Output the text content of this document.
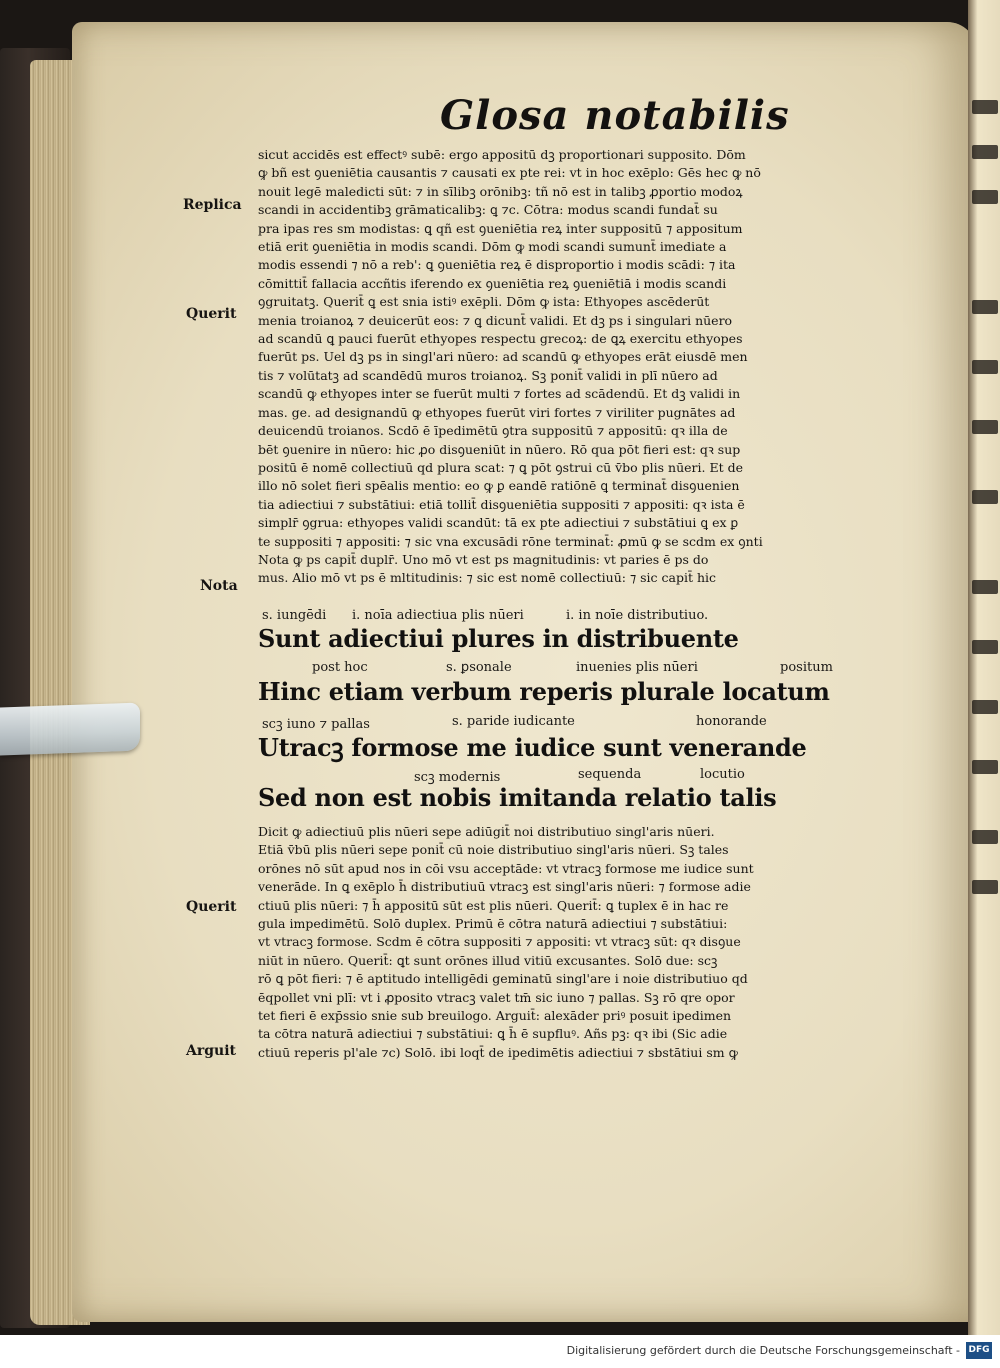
Glosa notabilis
Replica
Querit
Nota
Querit
Arguit
sicut accidēs est effectꝰ subē: ergo appositū dꝫ proportionari supposito. Dōm
ꝙ bñ est ꝯueniētia causantis ⁊ causati ex pte rei: vt in hoc exēplo: Gēs hec ꝙ nō
nouit legē maledicti sūt: ⁊ in sīlibꝫ orōnibꝫ: tñ nō est in talibꝫ ꝓportio modoꝝ
scandi in accidentibꝫ grāmaticalibꝫ: ꝗ ⁊c. Cōtra: modus scandi fundat̄ su
pra ipas res sm modistas: ꝗ qñ est ꝯueniētia reꝝ inter suppositū ⁊ appositum
etiā erit ꝯueniētia in modis scandi. Dōm ꝙ modi scandi sumunt̄ imediate a
modis essendi ⁊ nō a reb': ꝗ ꝯueniētia reꝝ ē disproportio i modis scādi: ⁊ ita
cōmittit̄ fallacia accñtis iferendo ex ꝯueniētia reꝝ ꝯueniētiā i modis scandi
ꝯgruitatꝫ. Querit̄ ꝗ est snia istiꝰ exēpli. Dōm ꝙ ista: Ethyopes ascēderūt
menia troianoꝝ ⁊ deuicerūt eos: ⁊ ꝗ dicunt̄ validi. Et dꝫ ps i singulari nūero
ad scandū ꝗ pauci fuerūt ethyopes respectu grecoꝝ: de ꝗꝝ exercitu ethyopes
fuerūt ps. Uel dꝫ ps in singl'ari nūero: ad scandū ꝙ ethyopes erāt eiusdē men
tis ⁊ volūtatꝫ ad scandēdū muros troianoꝝ. Sꝫ ponit̄ validi in plī nūero ad
scandū ꝙ ethyopes inter se fuerūt multi ⁊ fortes ad scādendū. Et dꝫ validi in
mas. ge. ad designandū ꝙ ethyopes fuerūt viri fortes ⁊ viriliter pugnātes ad
deuicendū troianos. Scdō ē īpedimētū ꝯtra suppositū ⁊ appositū: qꝛ illa de
bēt ꝯuenire in nūero: hic ꝓo disꝯueniūt in nūero. Rō qua pōt fieri est: qꝛ sup
positū ē nomē collectiuū qd plura scat: ⁊ ꝗ pōt ꝯstrui cū v̄bo plis nūeri. Et de
illo nō solet fieri spēalis mentio: eo ꝙ ꝑ eandē ratiōnē ꝗ terminat̄ disꝯuenien
tia adiectiui ⁊ substātiui: etiā tollit̄ disꝯueniētia suppositi ⁊ appositi: qꝛ ista ē
simplr̄ ꝯgrua: ethyopes validi scandūt: tā ex pte adiectiui ⁊ substātiui ꝗ ex ꝑ
te suppositi ⁊ appositi: ⁊ sic vna excusādi rōne terminat̄: ꝓmū ꝙ se scdm ex ꝯnti
Nota ꝙ ps capit̄ duplr̄. Uno mō vt est ps magnitudinis: vt paries ē ps do
mus. Alio mō vt ps ē mltitudinis: ⁊ sic est nomē collectiuū: ⁊ sic capit̄ hic
s. iungēdi i. noīa adiectiua plis nūeri	i. in noīe distributiuo.
Sunt adiectiui plures in distribuente
post hoc	s. ꝑsonale	inuenies plis nūeri	positum
Hinc etiam verbum reperis plurale locatum
scꝫ iuno ⁊ pallas	s. paride iudicante	honorande
Utracꝫ formose me iudice sunt venerande
scꝫ modernis	sequenda	locutio
Sed non est nobis imitanda relatio talis
Dicit ꝙ adiectiuū plis nūeri sepe adiūgit̄ noi distributiuo singl'aris nūeri.
Etiā v̄bū plis nūeri sepe ponit̄ cū noie distributiuo singl'aris nūeri. Sꝫ tales
orōnes nō sūt apud nos in cōi vsu acceptāde: vt vtracꝫ formose me iudice sunt
venerāde. In ꝗ exēplo h̄ distributiuū vtracꝫ est singl'aris nūeri: ⁊ formose adie
ctiuū plis nūeri: ⁊ h̄ appositū sūt est plis nūeri. Querit̄: ꝗ tuplex ē in hac re
gula impedimētū. Solō duplex. Primū ē cōtra naturā adiectiui ⁊ substātiui:
vt vtracꝫ formose. Scdm ē cōtra suppositi ⁊ appositi: vt vtracꝫ sūt: qꝛ disꝯue
niūt in nūero. Querit̄: ꝗt sunt orōnes illud vitiū excusantes. Solō due: scꝫ
rō ꝗ pōt fieri: ⁊ ē aptitudo intelligēdi geminatū singl'are i noie distributiuo qd
ēqpollet vni plī: vt i ꝓposito vtracꝫ valet tm̄ sic iuno ⁊ pallas. Sꝫ rō qre opor
tet fieri ē exp̄ssio snie sub breuilogo. Arguit̄: alexāder priꝰ posuit ipedimen
ta cōtra naturā adiectiui ⁊ substātiui: ꝗ h̄ ē supfluꝰ. Añs pꝫ: qꝛ ibi (Sic adie
ctiuū reperis pl'ale ⁊c) Solō. ibi loqt̄ de ipedimētis adiectiui ⁊ sbstātiui sm ꝙ
Digitalisierung gefördert durch die Deutsche Forschungsgemeinschaft - DFG
